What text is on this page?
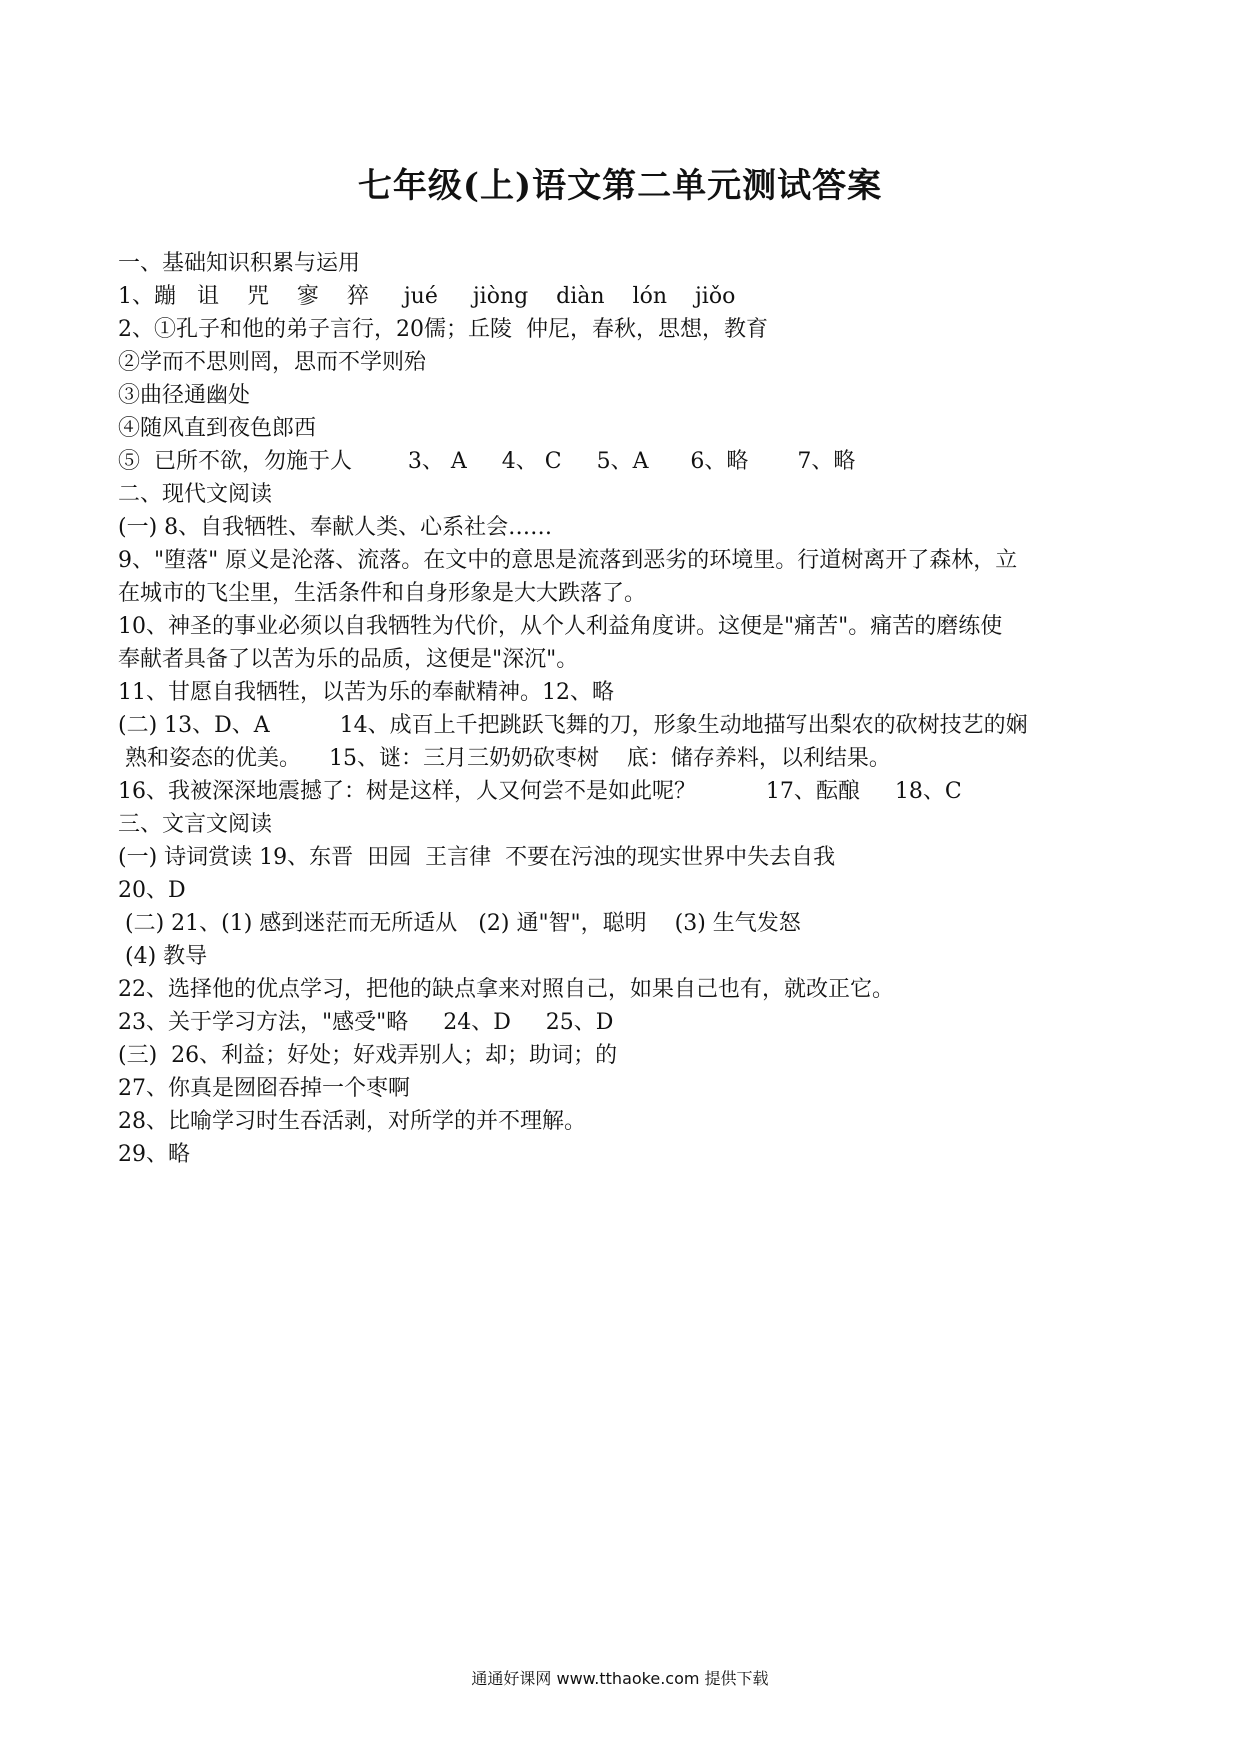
七年级(上)语文第二单元测试答案

一、基础知识积累与运用

1、蹦   诅    咒    寥    猝     jué     jiòng    diàn    lón    jiǒo

2、①孔子和他的弟子言行，20儒；丘陵  仲尼，春秋，思想，教育

②学而不思则罔，思而不学则殆

③曲径通幽处

④随风直到夜色郎西

⑤  已所不欲，勿施于人        3、 A     4、 C     5、A      6、略       7、略

二、现代文阅读

(一) 8、自我牺牲、奉献人类、心系社会……

9、"堕落" 原义是沦落、流落。在文中的意思是流落到恶劣的环境里。行道树离开了森林，立

在城市的飞尘里，生活条件和自身形象是大大跌落了。

10、神圣的事业必须以自我牺牲为代价，从个人利益角度讲。这便是"痛苦"。痛苦的磨练使

奉献者具备了以苦为乐的品质，这便是"深沉"。

11、甘愿自我牺牲，以苦为乐的奉献精神。12、略

(二) 13、D、A          14、成百上千把跳跃飞舞的刀，形象生动地描写出梨农的砍树技艺的娴

熟和姿态的优美。    15、谜：三月三奶奶砍枣树    底：储存养料，以利结果。

16、我被深深地震撼了：树是这样，人又何尝不是如此呢？          17、酝酿     18、C

三、文言文阅读

(一) 诗词赏读 19、东晋  田园  王言律  不要在污浊的现实世界中失去自我

20、D

(二) 21、(1) 感到迷茫而无所适从   (2) 通"智"，聪明    (3) 生气发怒

(4) 教导

22、选择他的优点学习，把他的缺点拿来对照自己，如果自己也有，就改正它。

23、关于学习方法，"感受"略     24、D     25、D

(三)  26、利益；好处；好戏弄别人；却；助词；的

27、你真是囫囵吞掉一个枣啊

28、比喻学习时生吞活剥，对所学的并不理解。

29、略

通通好课网 www.tthaoke.com 提供下载
